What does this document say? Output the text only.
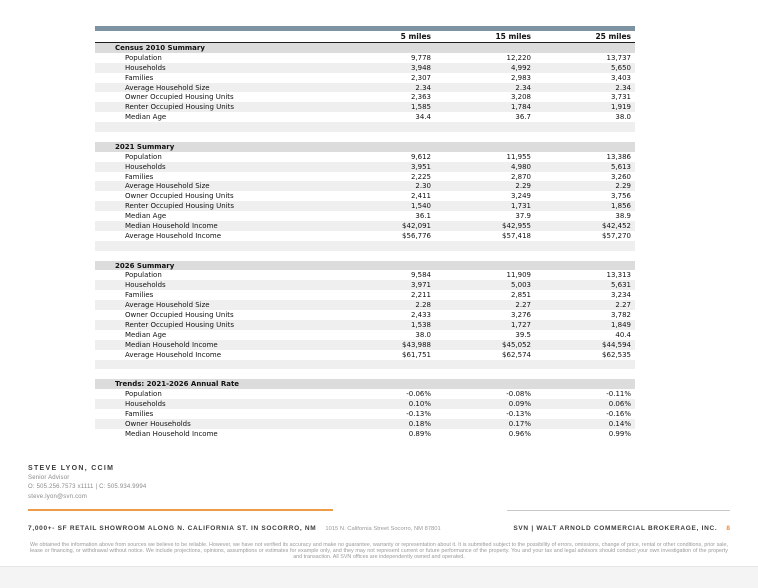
5 miles	15 miles	25 miles
Census 2010 Summary
Population	9,778	12,220	13,737
Households	3,948	4,992	5,650
Families	2,307	2,983	3,403
Average Household Size	2.34	2.34	2.34
Owner Occupied Housing Units	2,363	3,208	3,731
Renter Occupied Housing Units	1,585	1,784	1,919
Median Age	34.4	36.7	38.0
2021 Summary
Population	9,612	11,955	13,386
Households	3,951	4,980	5,613
Families	2,225	2,870	3,260
Average Household Size	2.30	2.29	2.29
Owner Occupied Housing Units	2,411	3,249	3,756
Renter Occupied Housing Units	1,540	1,731	1,856
Median Age	36.1	37.9	38.9
Median Household Income	$42,091	$42,955	$42,452
Average Household Income	$56,776	$57,418	$57,270
2026 Summary
Population	9,584	11,909	13,313
Households	3,971	5,003	5,631
Families	2,211	2,851	3,234
Average Household Size	2.28	2.27	2.27
Owner Occupied Housing Units	2,433	3,276	3,782
Renter Occupied Housing Units	1,538	1,727	1,849
Median Age	38.0	39.5	40.4
Median Household Income	$43,988	$45,052	$44,594
Average Household Income	$61,751	$62,574	$62,535
Trends: 2021-2026 Annual Rate
Population	-0.06%	-0.08%	-0.11%
Households	0.10%	0.09%	0.06%
Families	-0.13%	-0.13%	-0.16%
Owner Households	0.18%	0.17%	0.14%
Median Household Income	0.89%	0.96%	0.99%
STEVE LYON, CCIM
Senior Advisor
O: 505.256.7573 x1111 | C: 505.934.9994
steve.lyon@svn.com
7,000+- SF RETAIL SHOWROOM ALONG N. CALIFORNIA ST. IN SOCORRO, NM 1015 N. California Street Socorro, NM 87801	SVN | WALT ARNOLD COMMERCIAL BROKERAGE, INC. 8
We obtained the information above from sources we believe to be reliable. However, we have not verified its accuracy and make no guarantee, warranty or representation about it. It is submitted subject to the possibility of errors, omissions, change of price, rental or other conditions, prior sale, lease or financing, or withdrawal without notice. We include projections, opinions, assumptions or estimates for example only, and they may not represent current or future performance of the property. You and your tax and legal advisors should conduct your own investigation of the property and transaction. All SVN offices are independently owned and operated.
